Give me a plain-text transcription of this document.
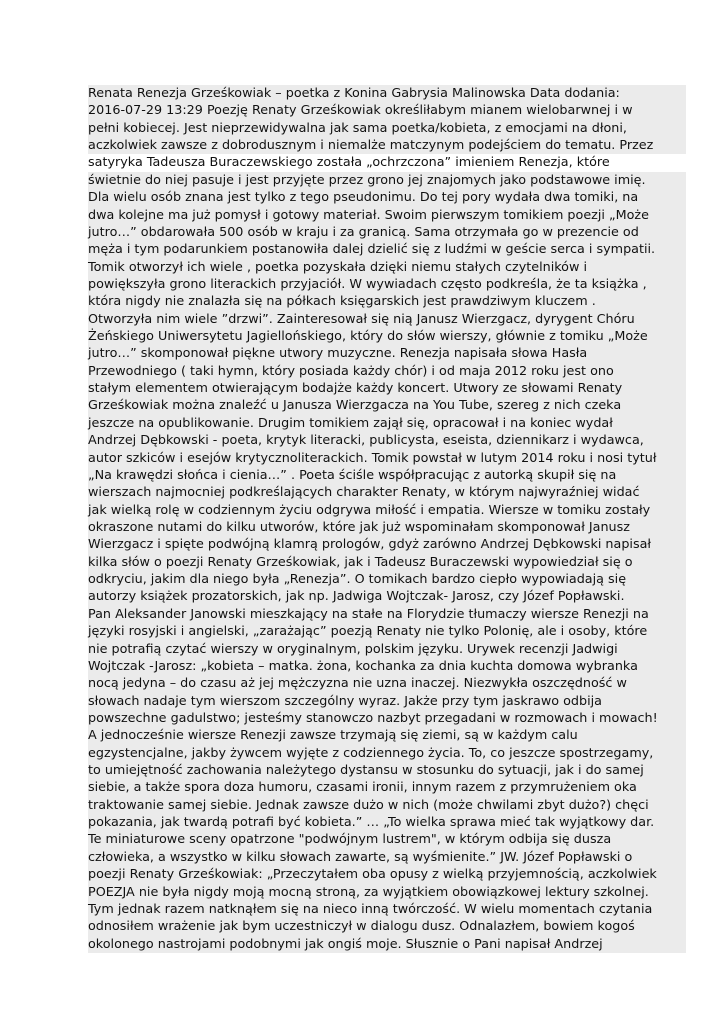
Renata Renezja Grześkowiak – poetka z Konina Gabrysia Malinowska Data dodania:
2016-07-29 13:29 Poezję Renaty Grześkowiak określiłabym mianem wielobarwnej i w
pełni kobiecej. Jest nieprzewidywalna jak sama poetka/kobieta, z emocjami na dłoni,
aczkolwiek zawsze z dobrodusznym i niemalże matczynym podejściem do tematu. Przez
satyryka Tadeusza Buraczewskiego została „ochrzczona” imieniem Renezja, które
świetnie do niej pasuje i jest przyjęte przez grono jej znajomych jako podstawowe imię.
Dla wielu osób znana jest tylko z tego pseudonimu. Do tej pory wydała dwa tomiki, na
dwa kolejne ma już pomysł i gotowy materiał. Swoim pierwszym tomikiem poezji „Może
jutro…” obdarowała 500 osób w kraju i za granicą. Sama otrzymała go w prezencie od
męża i tym podarunkiem postanowiła dalej dzielić się z ludźmi w geście serca i sympatii.
Tomik otworzył ich wiele , poetka pozyskała dzięki niemu stałych czytelników i
powiększyła grono literackich przyjaciół. W wywiadach często podkreśla, że ta książka ,
która nigdy nie znalazła się na półkach księgarskich jest prawdziwym kluczem .
Otworzyła nim wiele ”drzwi”. Zainteresował się nią Janusz Wierzgacz, dyrygent Chóru
Żeńskiego Uniwersytetu Jagiellońskiego, który do słów wierszy, głównie z tomiku „Może
jutro…” skomponował piękne utwory muzyczne. Renezja napisała słowa Hasła
Przewodniego ( taki hymn, który posiada każdy chór) i od maja 2012 roku jest ono
stałym elementem otwierającym bodajże każdy koncert. Utwory ze słowami Renaty
Grześkowiak można znaleźć u Janusza Wierzgacza na You Tube, szereg z nich czeka
jeszcze na opublikowanie. Drugim tomikiem zajął się, opracował i na koniec wydał
Andrzej Dębkowski - poeta, krytyk literacki, publicysta, eseista, dziennikarz i wydawca,
autor szkiców i esejów krytycznoliterackich. Tomik powstał w lutym 2014 roku i nosi tytuł
„Na krawędzi słońca i cienia…” . Poeta ściśle współpracując z autorką skupił się na
wierszach najmocniej podkreślających charakter Renaty, w którym najwyraźniej widać
jak wielką rolę w codziennym życiu odgrywa miłość i empatia. Wiersze w tomiku zostały
okraszone nutami do kilku utworów, które jak już wspominałam skomponował Janusz
Wierzgacz i spięte podwójną klamrą prologów, gdyż zarówno Andrzej Dębkowski napisał
kilka słów o poezji Renaty Grześkowiak, jak i Tadeusz Buraczewski wypowiedział się o
odkryciu, jakim dla niego była „Renezja”. O tomikach bardzo ciepło wypowiadają się
autorzy książek prozatorskich, jak np. Jadwiga Wojtczak- Jarosz, czy Józef Popławski.
Pan Aleksander Janowski mieszkający na stałe na Florydzie tłumaczy wiersze Renezji na
języki rosyjski i angielski, „zarażając” poezją Renaty nie tylko Polonię, ale i osoby, które
nie potrafią czytać wierszy w oryginalnym, polskim języku. Urywek recenzji Jadwigi
Wojtczak -Jarosz: „kobieta – matka. żona, kochanka za dnia kuchta domowa wybranka
nocą jedyna – do czasu aż jej mężczyzna nie uzna inaczej. Niezwykła oszczędność w
słowach nadaje tym wierszom szczególny wyraz. Jakże przy tym jaskrawo odbija
powszechne gadulstwo; jesteśmy stanowczo nazbyt przegadani w rozmowach i mowach!
A jednocześnie wiersze Renezji zawsze trzymają się ziemi, są w każdym calu
egzystencjalne, jakby żywcem wyjęte z codziennego życia. To, co jeszcze spostrzegamy,
to umiejętność zachowania należytego dystansu w stosunku do sytuacji, jak i do samej
siebie, a także spora doza humoru, czasami ironii, innym razem z przymrużeniem oka
traktowanie samej siebie. Jednak zawsze dużo w nich (może chwilami zbyt dużo?) chęci
pokazania, jak twardą potrafi być kobieta.” … „To wielka sprawa mieć tak wyjątkowy dar.
Te miniaturowe sceny opatrzone "podwójnym lustrem", w którym odbija się dusza
człowieka, a wszystko w kilku słowach zawarte, są wyśmienite.” JW. Józef Popławski o
poezji Renaty Grześkowiak: „Przeczytałem oba opusy z wielką przyjemnością, aczkolwiek
POEZJA nie była nigdy moją mocną stroną, za wyjątkiem obowiązkowej lektury szkolnej.
Tym jednak razem natknąłem się na nieco inną twórczość. W wielu momentach czytania
odnosiłem wrażenie jak bym uczestniczył w dialogu dusz. Odnalazłem, bowiem kogoś
okolonego nastrojami podobnymi jak ongiś moje. Słusznie o Pani napisał Andrzej
